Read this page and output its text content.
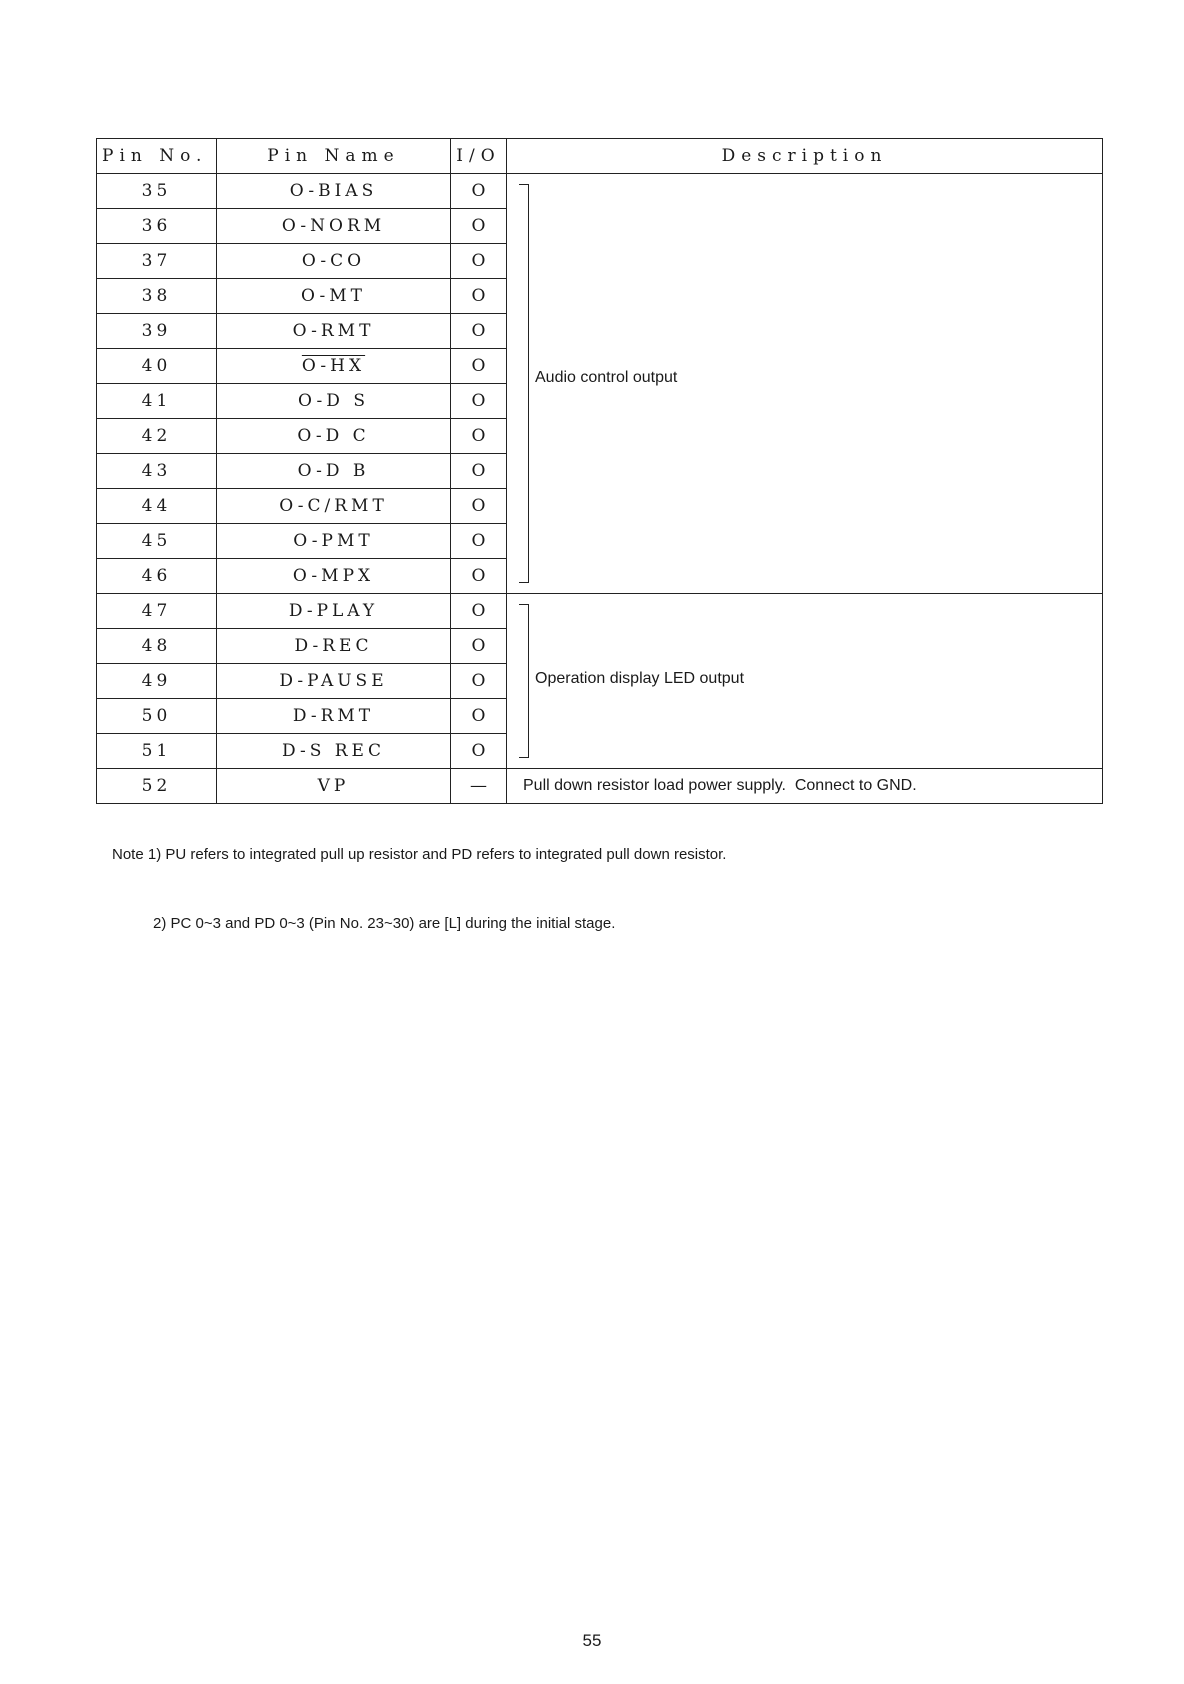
Pin No.	Pin Name	I/O	Description
35	O-BIAS	O	Audio control output

36	O-NORM	O	
37	O-CO	O	
38	O-MT	O	
39	O-RMT	O	
40	O-HX	O	
41	O-D S	O	
42	O-D C	O	
43	O-D B	O	
44	O-C/RMT	O	
45	O-PMT	O	
46	O-MPX	O	
47	D-PLAY	O	Operation display LED output

48	D-REC	O	
49	D-PAUSE	O	
50	D-RMT	O	
51	D-S REC	O	
52	VP	—	Pull down resistor load power supply.  Connect to GND.

Note 1) PU refers to integrated pull up resistor and PD refers to integrated pull down resistor.

2) PC 0~3 and PD 0~3 (Pin No. 23~30) are [L] during the initial stage.

55
